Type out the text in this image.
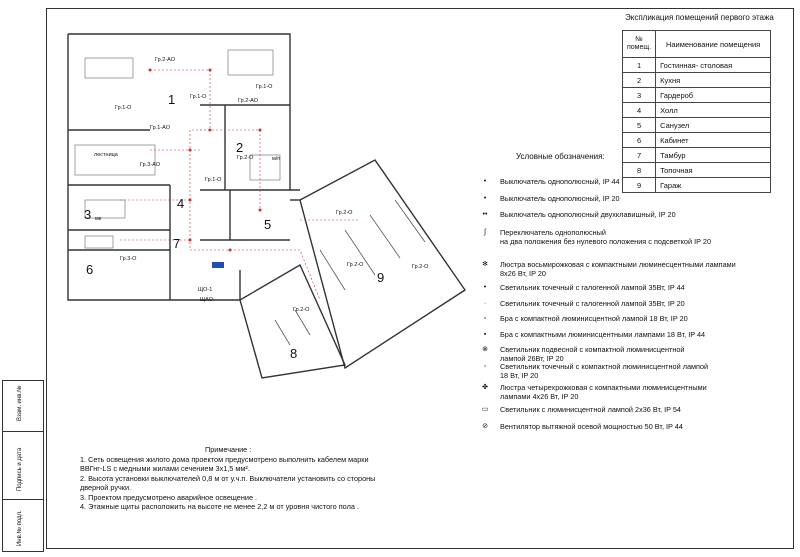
Взам. инв.№
Подпись и дата
Инв.№ подл.
1
2
3
4
5
6
7
8
9
лестница
мк
м/п
ЩАО
ЩО-1
Гр.2-АО
Гр.1-О
Гр.1-АО
Гр.2-АО
Гр.1-О
Гр.1-О
Гр.2-О
Гр.3-АО
Гр.1-О
Гр.3-О
Гр.2-О
Гр.2-О	Гр.2-О
Гр.2-О
Экспликация помещений первого этажа
№ помещ.	Наименование помещения
1	Гостинная- столовая
2	Кухня
3	Гардероб
4	Холл
5	Санузел
6	Кабинет
7	Тамбур
8	Топочная
9	Гараж
Условные обозначения:
•	Выключатель однополюсный, IP 44
•	Выключатель однополюсный, IP 20
••	Выключатель однополюсный двухклавишный, IP 20
ʃ	Переключатель однополюсный
на два положения без нулевого положения с подсветкой IP 20
✻	Люстра восьмирожковая с компактными люминесцентными лампами
8х26 Вт, IP 20
•	Светильник точечный с галогенной лампой 35Вт, IP 44
·	Светильник точечный с галогенной лампой 35Вт, IP 20
▫	Бра с компактной люминисцентной лампой 18 Вт, IP 20
▪	Бра с компактными люминисцентными лампами 18 Вт, IP 44
⊗	Светильник подвесной с компактной люминисцентной
лампой 26Вт, IP 20
◦	Светильник точечный с компактной люминисцентной лампой
18 Вт, IP 20
✤	Люстра четырехрожковая с компактными люминисцентными
лампами 4х26 Вт, IP 20
▭	Светильник с люминисцентной лампой 2х36 Вт, IP 54
⊘	Вентилятор вытяжной осевой мощностью 50 Вт, IP 44
Примечание :
1. Сеть освещения жилого дома проектом предусмотрено выполнить кабелем марки
ВВГнг-LS с медными жилами сечением 3х1,5 мм².
2. Высота установки выключателей 0,8 м от у.ч.п. Выключатели установить со стороны
дверной ручки.
3. Проектом предусмотрено аварийное освещение .
4. Этажные щиты расположить на высоте не менее 2,2 м от уровня чистого пола .
